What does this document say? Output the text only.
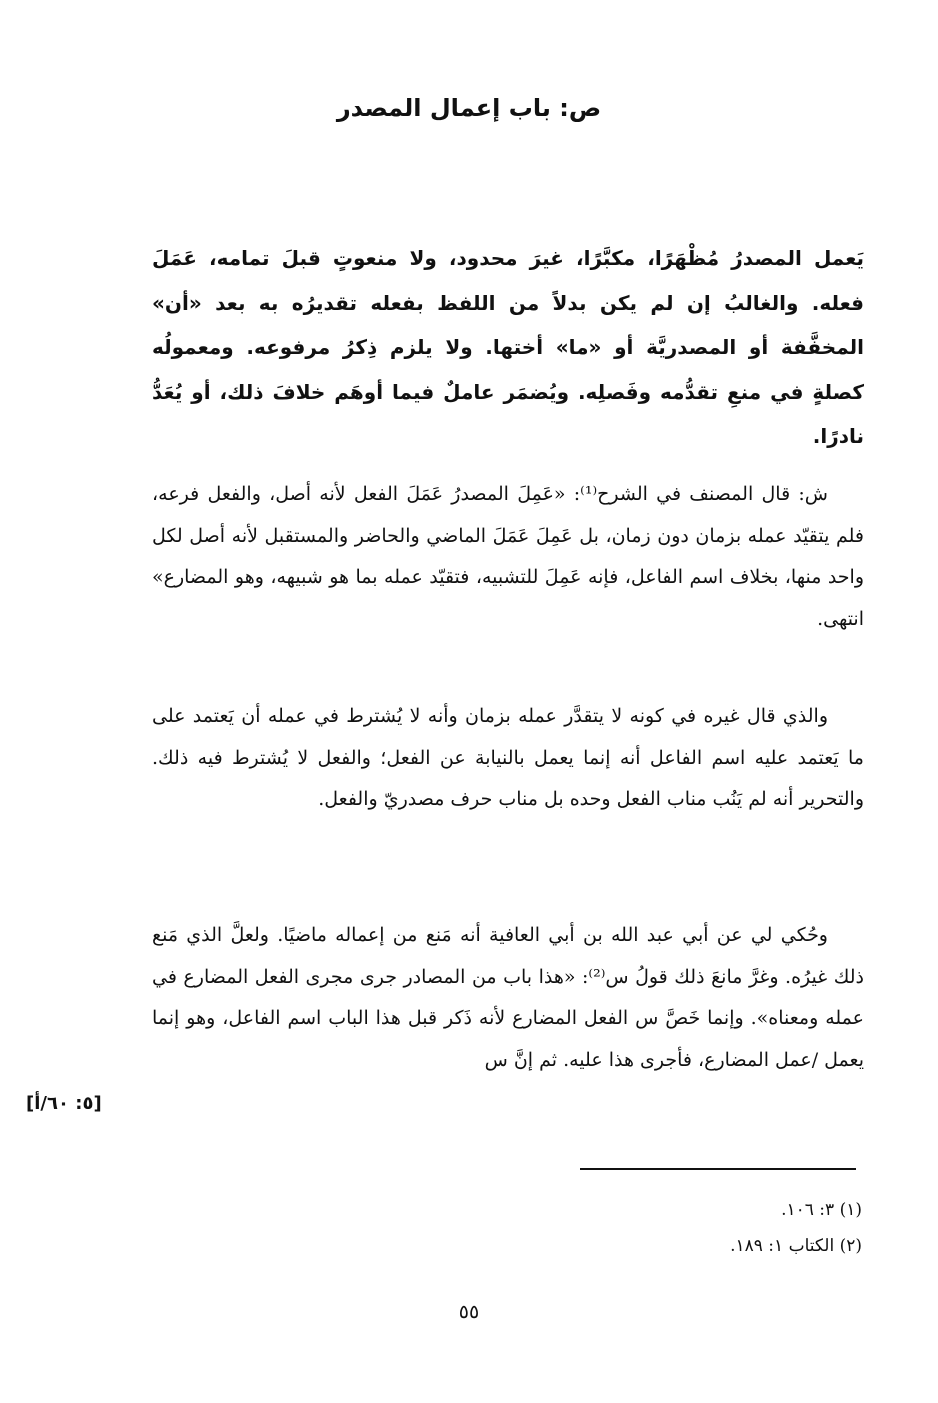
ص: باب إعمال المصدر

يَعمل المصدرُ مُظْهَرًا، مكبَّرًا، غيرَ محدود، ولا منعوتٍ قبلَ تمامه، عَمَلَ فعله. والغالبُ إن لم يكن بدلاً من اللفظ بفعله تقديرُه به بعد «أن» المخفَّفة أو المصدريَّة أو «ما» أختها. ولا يلزم ذِكرُ مرفوعه. ومعمولُه كصلةٍ في منعِ تقدُّمه وفَصلِه. ويُضمَر عاملٌ فيما أوهَم خلافَ ذلك، أو يُعَدُّ نادرًا.

ش: قال المصنف في الشرح⁽¹⁾: «عَمِلَ المصدرُ عَمَلَ الفعل لأنه أصل، والفعل فرعه، فلم يتقيّد عمله بزمان دون زمان، بل عَمِلَ عَمَلَ الماضي والحاضر والمستقبل لأنه أصل لكل واحد منها، بخلاف اسم الفاعل، فإنه عَمِلَ للتشبيه، فتقيّد عمله بما هو شبيهه، وهو المضارع» انتهى.

والذي قال غيره في كونه لا يتقدَّر عمله بزمان وأنه لا يُشترط في عمله أن يَعتمد على ما يَعتمد عليه اسم الفاعل أنه إنما يعمل بالنيابة عن الفعل؛ والفعل لا يُشترط فيه ذلك. والتحرير أنه لم يَنُب مناب الفعل وحده بل مناب حرف مصدريّ والفعل.

وحُكي لي عن أبي عبد الله بن أبي العافية أنه مَنع من إعماله ماضيًا. ولعلَّ الذي مَنع ذلك غيرُه. وغرَّ مانعَ ذلك قولُ س⁽²⁾: «هذا باب من المصادر جرى مجرى الفعل المضارع في عمله ومعناه». وإنما خَصَّ س الفعل المضارع لأنه ذَكر قبل هذا الباب اسم الفاعل، وهو إنما يعمل /عمل المضارع، فأجرى هذا عليه. ثم إنَّ س

[٥: ٦٠/أ]
(١) ٣: ١٠٦.
(٢) الكتاب ١: ١٨٩.
٥٥
